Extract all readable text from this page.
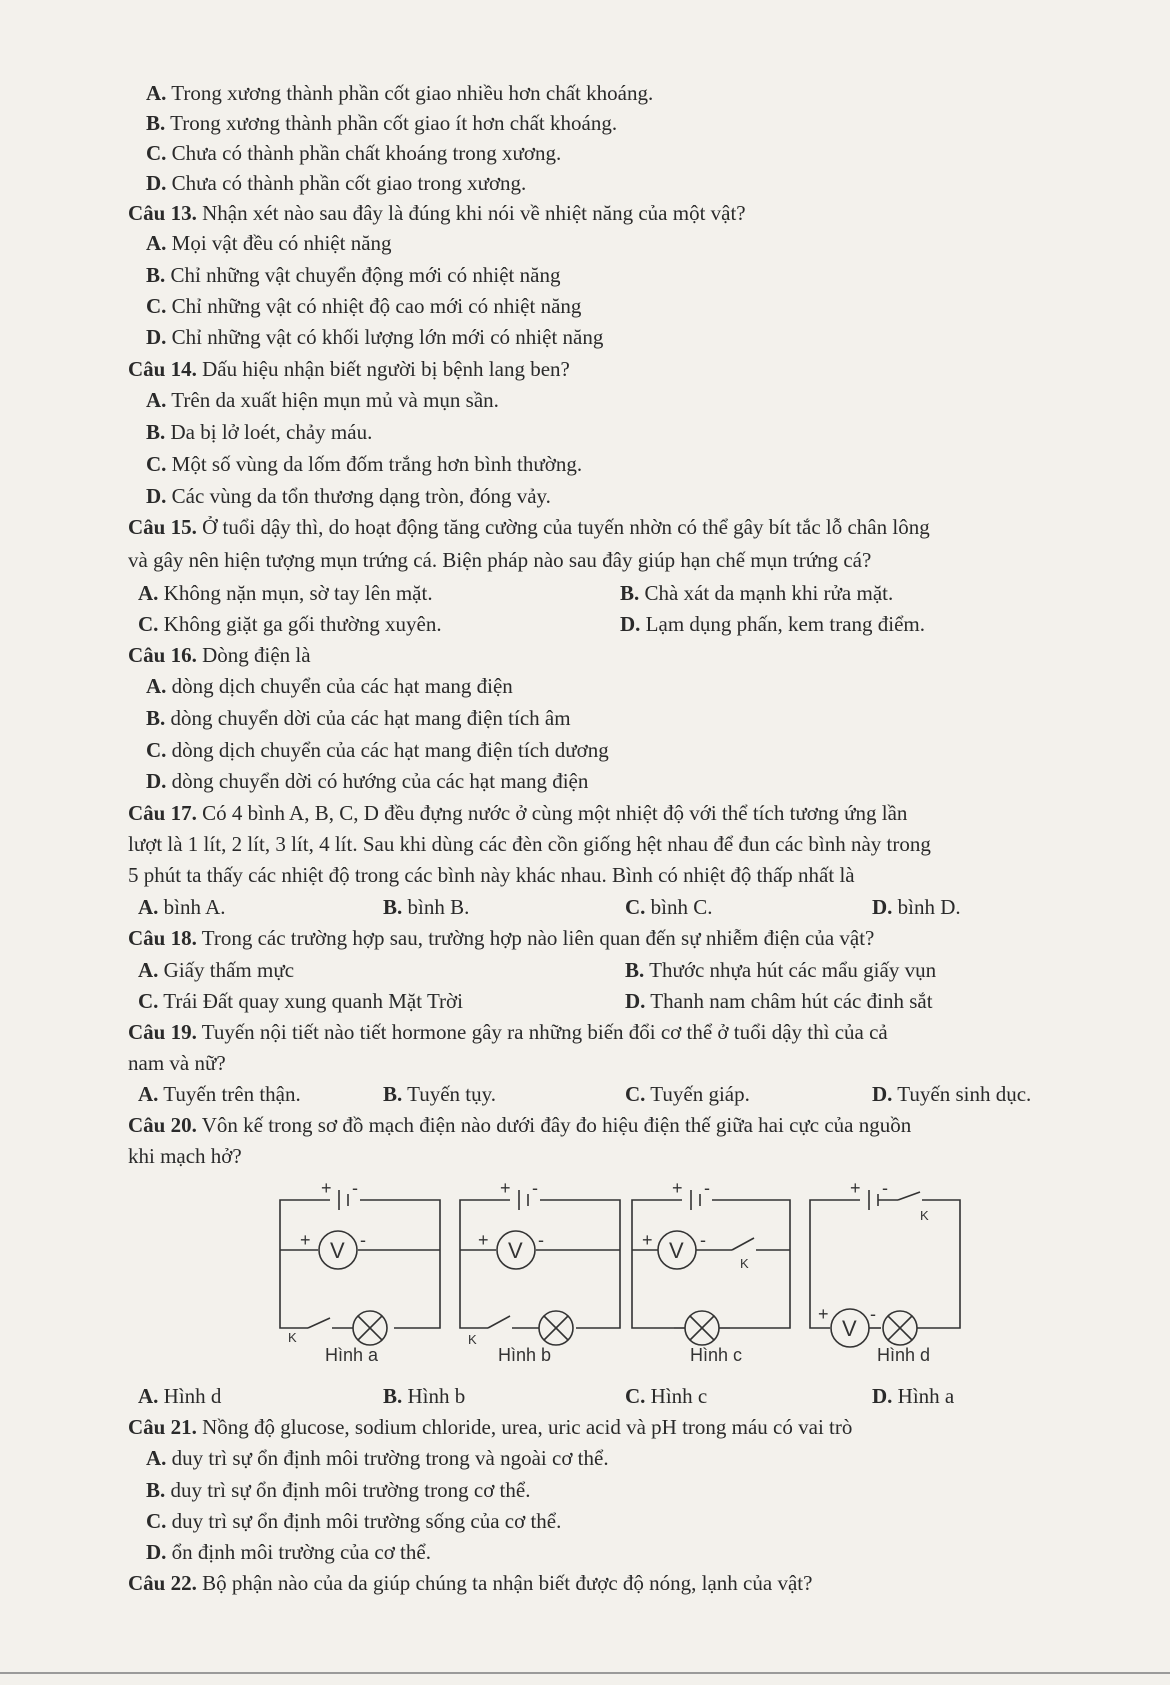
A. Trong xương thành phần cốt giao nhiều hơn chất khoáng.
B. Trong xương thành phần cốt giao ít hơn chất khoáng.
C. Chưa có thành phần chất khoáng trong xương.
D. Chưa có thành phần cốt giao trong xương.
Câu 13. Nhận xét nào sau đây là đúng khi nói về nhiệt năng của một vật?
A. Mọi vật đều có nhiệt năng
B. Chỉ những vật chuyển động mới có nhiệt năng
C. Chỉ những vật có nhiệt độ cao mới có nhiệt năng
D. Chỉ những vật có khối lượng lớn mới có nhiệt năng
Câu 14. Dấu hiệu nhận biết người bị bệnh lang ben?
A. Trên da xuất hiện mụn mủ và mụn sần.
B. Da bị lở loét, chảy máu.
C. Một số vùng da lốm đốm trắng hơn bình thường.
D. Các vùng da tổn thương dạng tròn, đóng vảy.
Câu 15. Ở tuổi dậy thì, do hoạt động tăng cường của tuyến nhờn có thể gây bít tắc lỗ chân lông
và gây nên hiện tượng mụn trứng cá. Biện pháp nào sau đây giúp hạn chế mụn trứng cá?
A. Không nặn mụn, sờ tay lên mặt.	B. Chà xát da mạnh khi rửa mặt.
C. Không giặt ga gối thường xuyên.	D. Lạm dụng phấn, kem trang điểm.
Câu 16. Dòng điện là
A. dòng dịch chuyển của các hạt mang điện
B. dòng chuyển dời của các hạt mang điện tích âm
C. dòng dịch chuyển của các hạt mang điện tích dương
D. dòng chuyển dời có hướng của các hạt mang điện
Câu 17. Có 4 bình A, B, C, D đều đựng nước ở cùng một nhiệt độ với thể tích tương ứng lần
lượt là 1 lít, 2 lít, 3 lít, 4 lít. Sau khi dùng các đèn cồn giống hệt nhau để đun các bình này trong
5 phút ta thấy các nhiệt độ trong các bình này khác nhau. Bình có nhiệt độ thấp nhất là
A. bình A.	B. bình B.	C. bình C.	D. bình D.
Câu 18. Trong các trường hợp sau, trường hợp nào liên quan đến sự nhiễm điện của vật?
A. Giấy thấm mực	B. Thước nhựa hút các mẩu giấy vụn
C. Trái Đất quay xung quanh Mặt Trời	D. Thanh nam châm hút các đinh sắt
Câu 19. Tuyến nội tiết nào tiết hormone gây ra những biến đổi cơ thể ở tuổi dậy thì của cả
nam và nữ?
A. Tuyến trên thận.	B. Tuyến tụy.	C. Tuyến giáp.	D. Tuyến sinh dục.
Câu 20. Vôn kế trong sơ đồ mạch điện nào dưới đây đo hiệu điện thế giữa hai cực của nguồn
khi mạch hở?
+ -
V
+	-
K
+ -
V
+	-
K
+ -
V
+	-
K
+ -
V
+ -
K
Hình a	Hình b	Hình c	Hình d
A. Hình d	B. Hình b	C. Hình c	D. Hình a
Câu 21. Nồng độ glucose, sodium chloride, urea, uric acid và pH trong máu có vai trò
A. duy trì sự ổn định môi trường trong và ngoài cơ thể.
B. duy trì sự ổn định môi trường trong cơ thể.
C. duy trì sự ổn định môi trường sống của cơ thể.
D. ổn định môi trường của cơ thể.
Câu 22. Bộ phận nào của da giúp chúng ta nhận biết được độ nóng, lạnh của vật?
